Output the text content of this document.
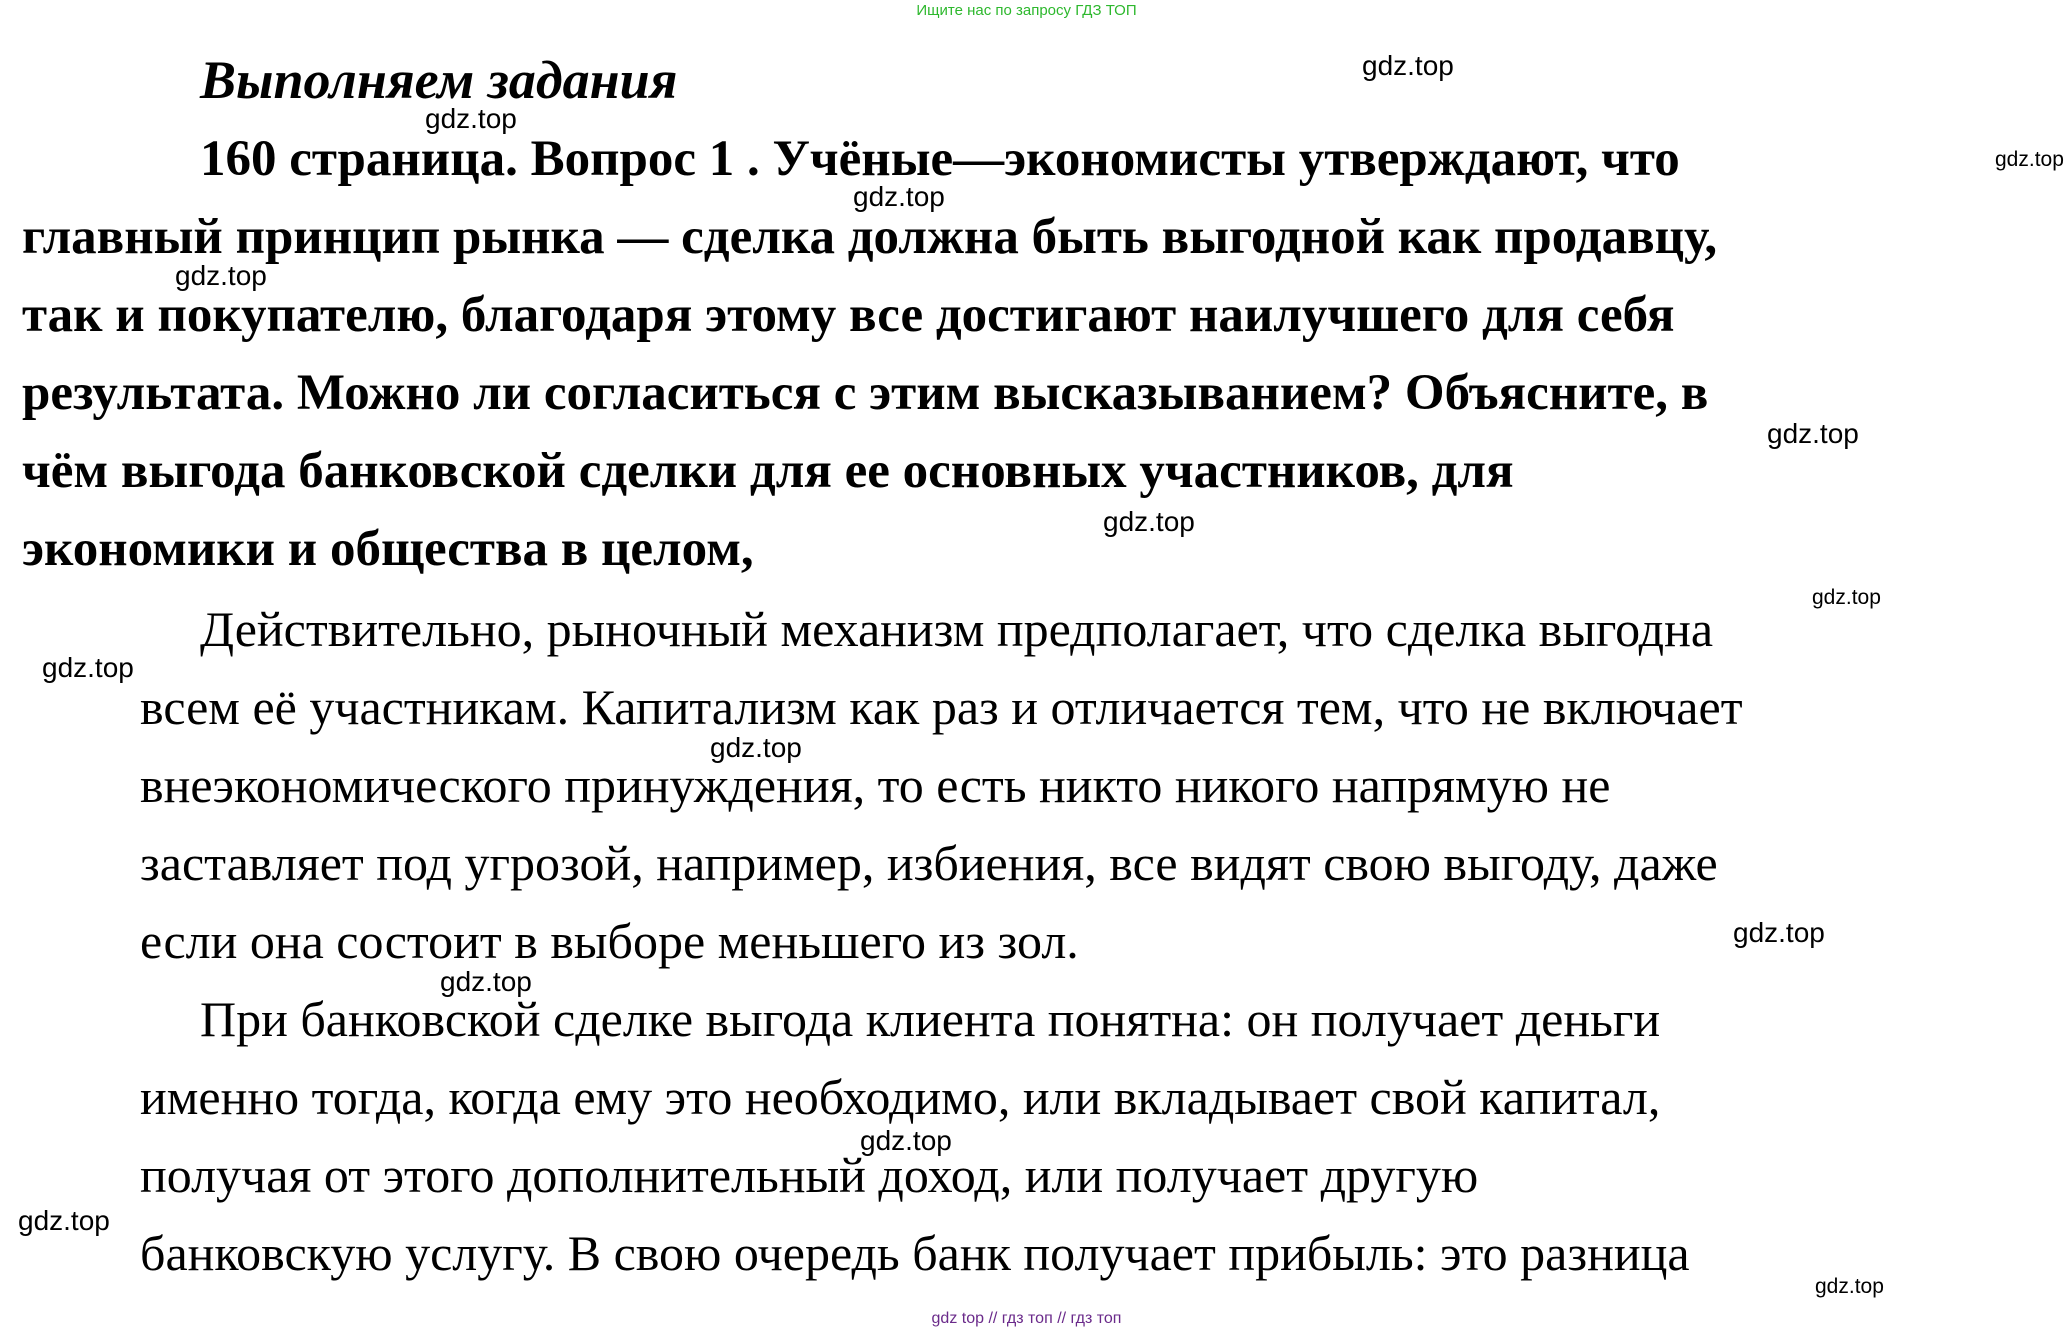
Ищите нас по запросу ГДЗ ТОП
Выполняем задания

160 страница. Вопрос 1 . Учёные—экономисты утверждают, что
главный принцип рынка — сделка должна быть выгодной как продавцу,
так и покупателю, благодаря этому все достигают наилучшего для себя
результата. Можно ли согласиться с этим высказыванием? Объясните, в
чём выгода банковской сделки для ее основных участников, для
экономики и общества в целом,

Действительно, рыночный механизм предполагает, что сделка выгодна
всем её участникам. Капитализм как раз и отличается тем, что не включает
внеэкономического принуждения, то есть никто никого напрямую не
заставляет под угрозой, например, избиения, все видят свою выгоду, даже
если она состоит в выборе меньшего из зол.

При банковской сделке выгода клиента понятна: он получает деньги
именно тогда, когда ему это необходимо, или вкладывает свой капитал,
получая от этого дополнительный доход, или получает другую
банковскую услугу. В свою очередь банк получает прибыль: это разница

gdz.top
gdz.top
gdz.top
gdz.top
gdz.top
gdz.top
gdz.top
gdz.top
gdz.top
gdz.top
gdz.top
gdz.top
gdz.top
gdz.top
gdz.top
gdz top // гдз топ // гдз топ
